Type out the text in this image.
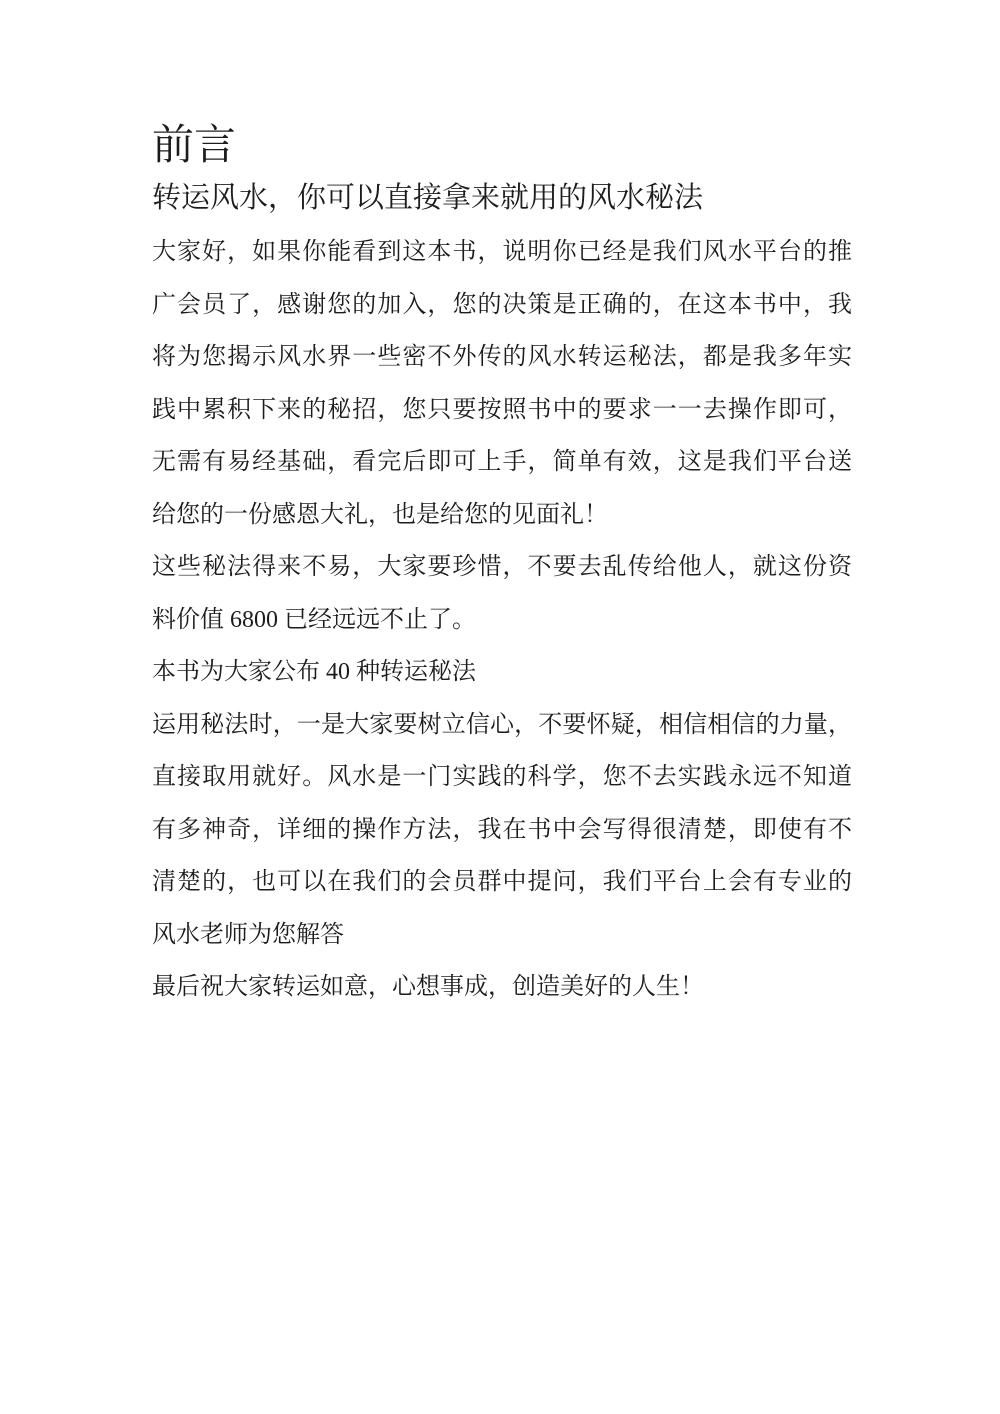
前言
转运风水，你可以直接拿来就用的风水秘法
大家好，如果你能看到这本书，说明你已经是我们风水平台的推
广会员了，感谢您的加入，您的决策是正确的，在这本书中，我
将为您揭示风水界一些密不外传的风水转运秘法，都是我多年实
践中累积下来的秘招，您只要按照书中的要求一一去操作即可，
无需有易经基础，看完后即可上手，简单有效，这是我们平台送
给您的一份感恩大礼，也是给您的见面礼！
这些秘法得来不易，大家要珍惜，不要去乱传给他人，就这份资
料价值 6800 已经远远不止了。
本书为大家公布 40 种转运秘法
运用秘法时，一是大家要树立信心，不要怀疑，相信相信的力量，
直接取用就好。风水是一门实践的科学，您不去实践永远不知道
有多神奇，详细的操作方法，我在书中会写得很清楚，即使有不
清楚的，也可以在我们的会员群中提问，我们平台上会有专业的
风水老师为您解答
最后祝大家转运如意，心想事成，创造美好的人生！
